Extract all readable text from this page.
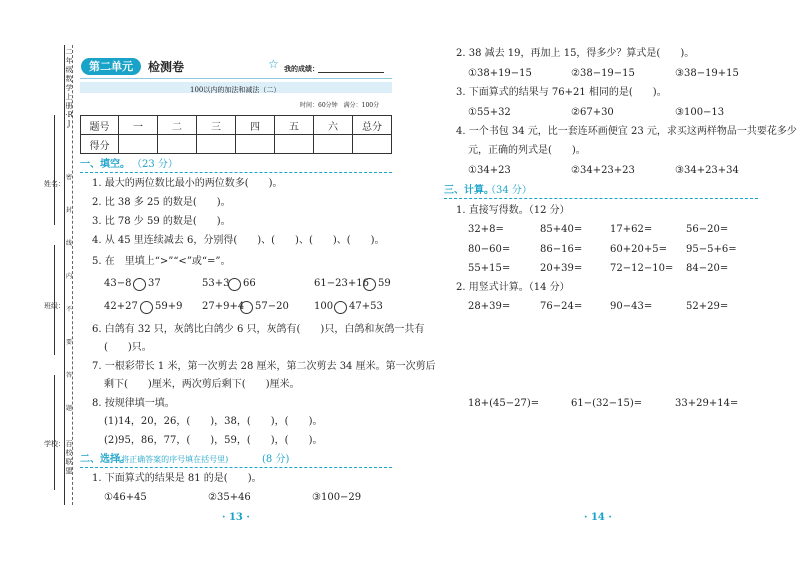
姓名：
班级：
学校：
二年级数学上册·RJ
百校联盟
密
封
线
内
不
要
答
题
第二单元	检测卷	☆ 我的成绩：
100以内的加法和减法（二）
时间：60分钟　满分：100分
题号	一	二	三	四	五	六	总分
得分							
一、填空。 （23 分）
1. 最大的两位数比最小的两位数多(　　)。
2. 比 38 多 25 的数是(　　)。
3. 比 78 少 59 的数是(　　)。
4. 从 45 里连续减去 6，分别得(　　)、(　　)、(　　)、(　　)。
5. 在　里填上“>”“<”或“=”。
43−8 37	53+3 66	61−23+16 59
42+27 59+9 27+9+4 57−20	100 47+53
6. 白鸽有 32 只，灰鸽比白鸽少 6 只，灰鸽有(　　)只，白鸽和灰鸽一共有
(　　)只。
7. 一根彩带长 1 米，第一次剪去 28 厘米，第二次剪去 34 厘米。第一次剪后
剩下(　　)厘米，两次剪后剩下(　　)厘米。
8. 按规律填一填。
(1)14，20，26，(　　)，38，(　　)，(　　)。
(2)95，86，77，(　　)，59，(　　)，(　　)。
二、选择。
(将正确答案的序号填在括号里)	(8 分)
1. 下面算式的结果是 81 的是(　　)。
①46+45	②35+46	③100−29
· 13 ·
2. 38 减去 19，再加上 15，得多少？算式是(　　)。
①38+19−15	②38−19−15	③38−19+15
3. 下面算式的结果与 76+21 相同的是(　　)。
①55+32	②67+30	③100−13
4. 一个书包 34 元，比一套连环画便宜 23 元，求买这两样物品一共要花多少
元，正确的列式是(　　)。
①34+23	②34+23+23	③34+23+34
三、计算。
（34 分）
1. 直接写得数。（12 分）
32+8=	85+40=	17+62=	56−20=
80−60=	86−16=	60+20+5= 95−5+6=
55+15=	20+39=	72−12−10= 84−20=
2. 用竖式计算。（14 分）
28+39=	76−24=	90−43=	52+29=
18+(45−27)=	61−(32−15)=	33+29+14=
· 14 ·
